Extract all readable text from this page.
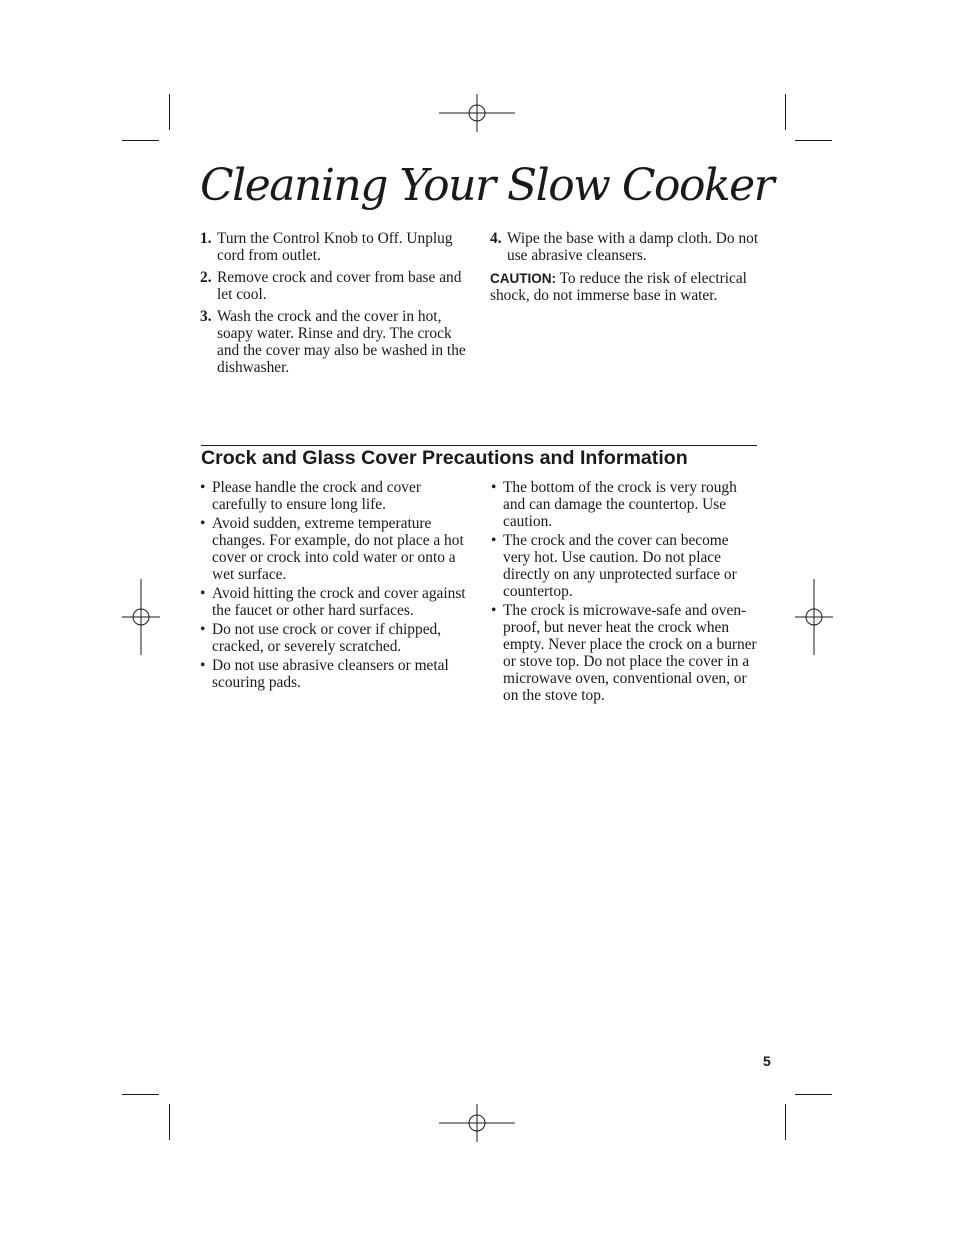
Cleaning Your Slow Cooker
1. Turn the Control Knob to Off. Unplug cord from outlet.
2. Remove crock and cover from base and let cool.
3. Wash the crock and the cover in hot, soapy water. Rinse and dry. The crock and the cover may also be washed in the dishwasher.
4. Wipe the base with a damp cloth. Do not use abrasive cleansers.
CAUTION: To reduce the risk of electrical shock, do not immerse base in water.
Crock and Glass Cover Precautions and Information
• Please handle the crock and cover carefully to ensure long life.
• Avoid sudden, extreme temperature changes. For example, do not place a hot cover or crock into cold water or onto a wet surface.
• Avoid hitting the crock and cover against the faucet or other hard surfaces.
• Do not use crock or cover if chipped, cracked, or severely scratched.
• Do not use abrasive cleansers or metal scouring pads.
• The bottom of the crock is very rough and can damage the countertop. Use caution.
• The crock and the cover can become very hot. Use caution. Do not place directly on any unprotected surface or countertop.
• The crock is microwave-safe and oven-proof, but never heat the crock when empty. Never place the crock on a burner or stove top. Do not place the cover in a microwave oven, conventional oven, or on the stove top.
5
